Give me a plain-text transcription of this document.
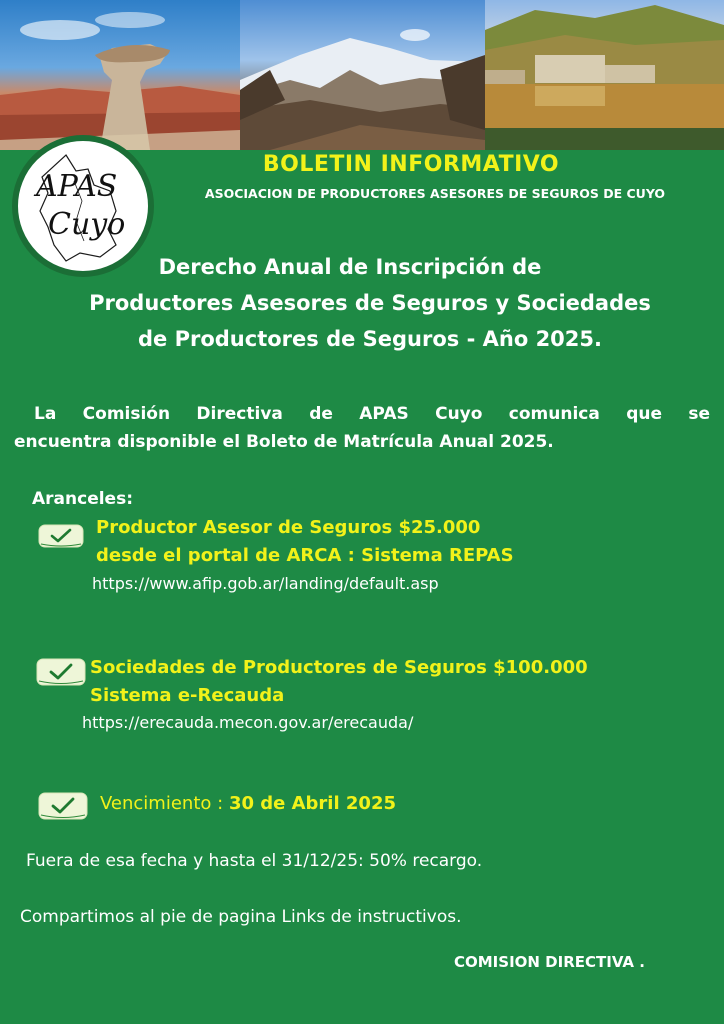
APAS
Cuyo

BOLETIN INFORMATIVO

ASOCIACION DE PRODUCTORES ASESORES DE SEGUROS DE CUYO

Derecho Anual de Inscripción de

Productores Asesores de Seguros y Sociedades

de Productores de Seguros - Año 2025.

La Comisión Directiva de APAS Cuyo comunica que se

encuentra disponible el Boleto de Matrícula Anual 2025.

Aranceles:

Productor Asesor de Seguros $25.000

desde el portal de ARCA : Sistema REPAS

https://www.afip.gob.ar/landing/default.asp

Sociedades de Productores de Seguros $100.000

Sistema e-Recauda

https://erecauda.mecon.gov.ar/erecauda/

Vencimiento : 30 de Abril 2025

Fuera de esa fecha y hasta el 31/12/25: 50% recargo.

Compartimos al pie de pagina Links de instructivos.

COMISION DIRECTIVA .
